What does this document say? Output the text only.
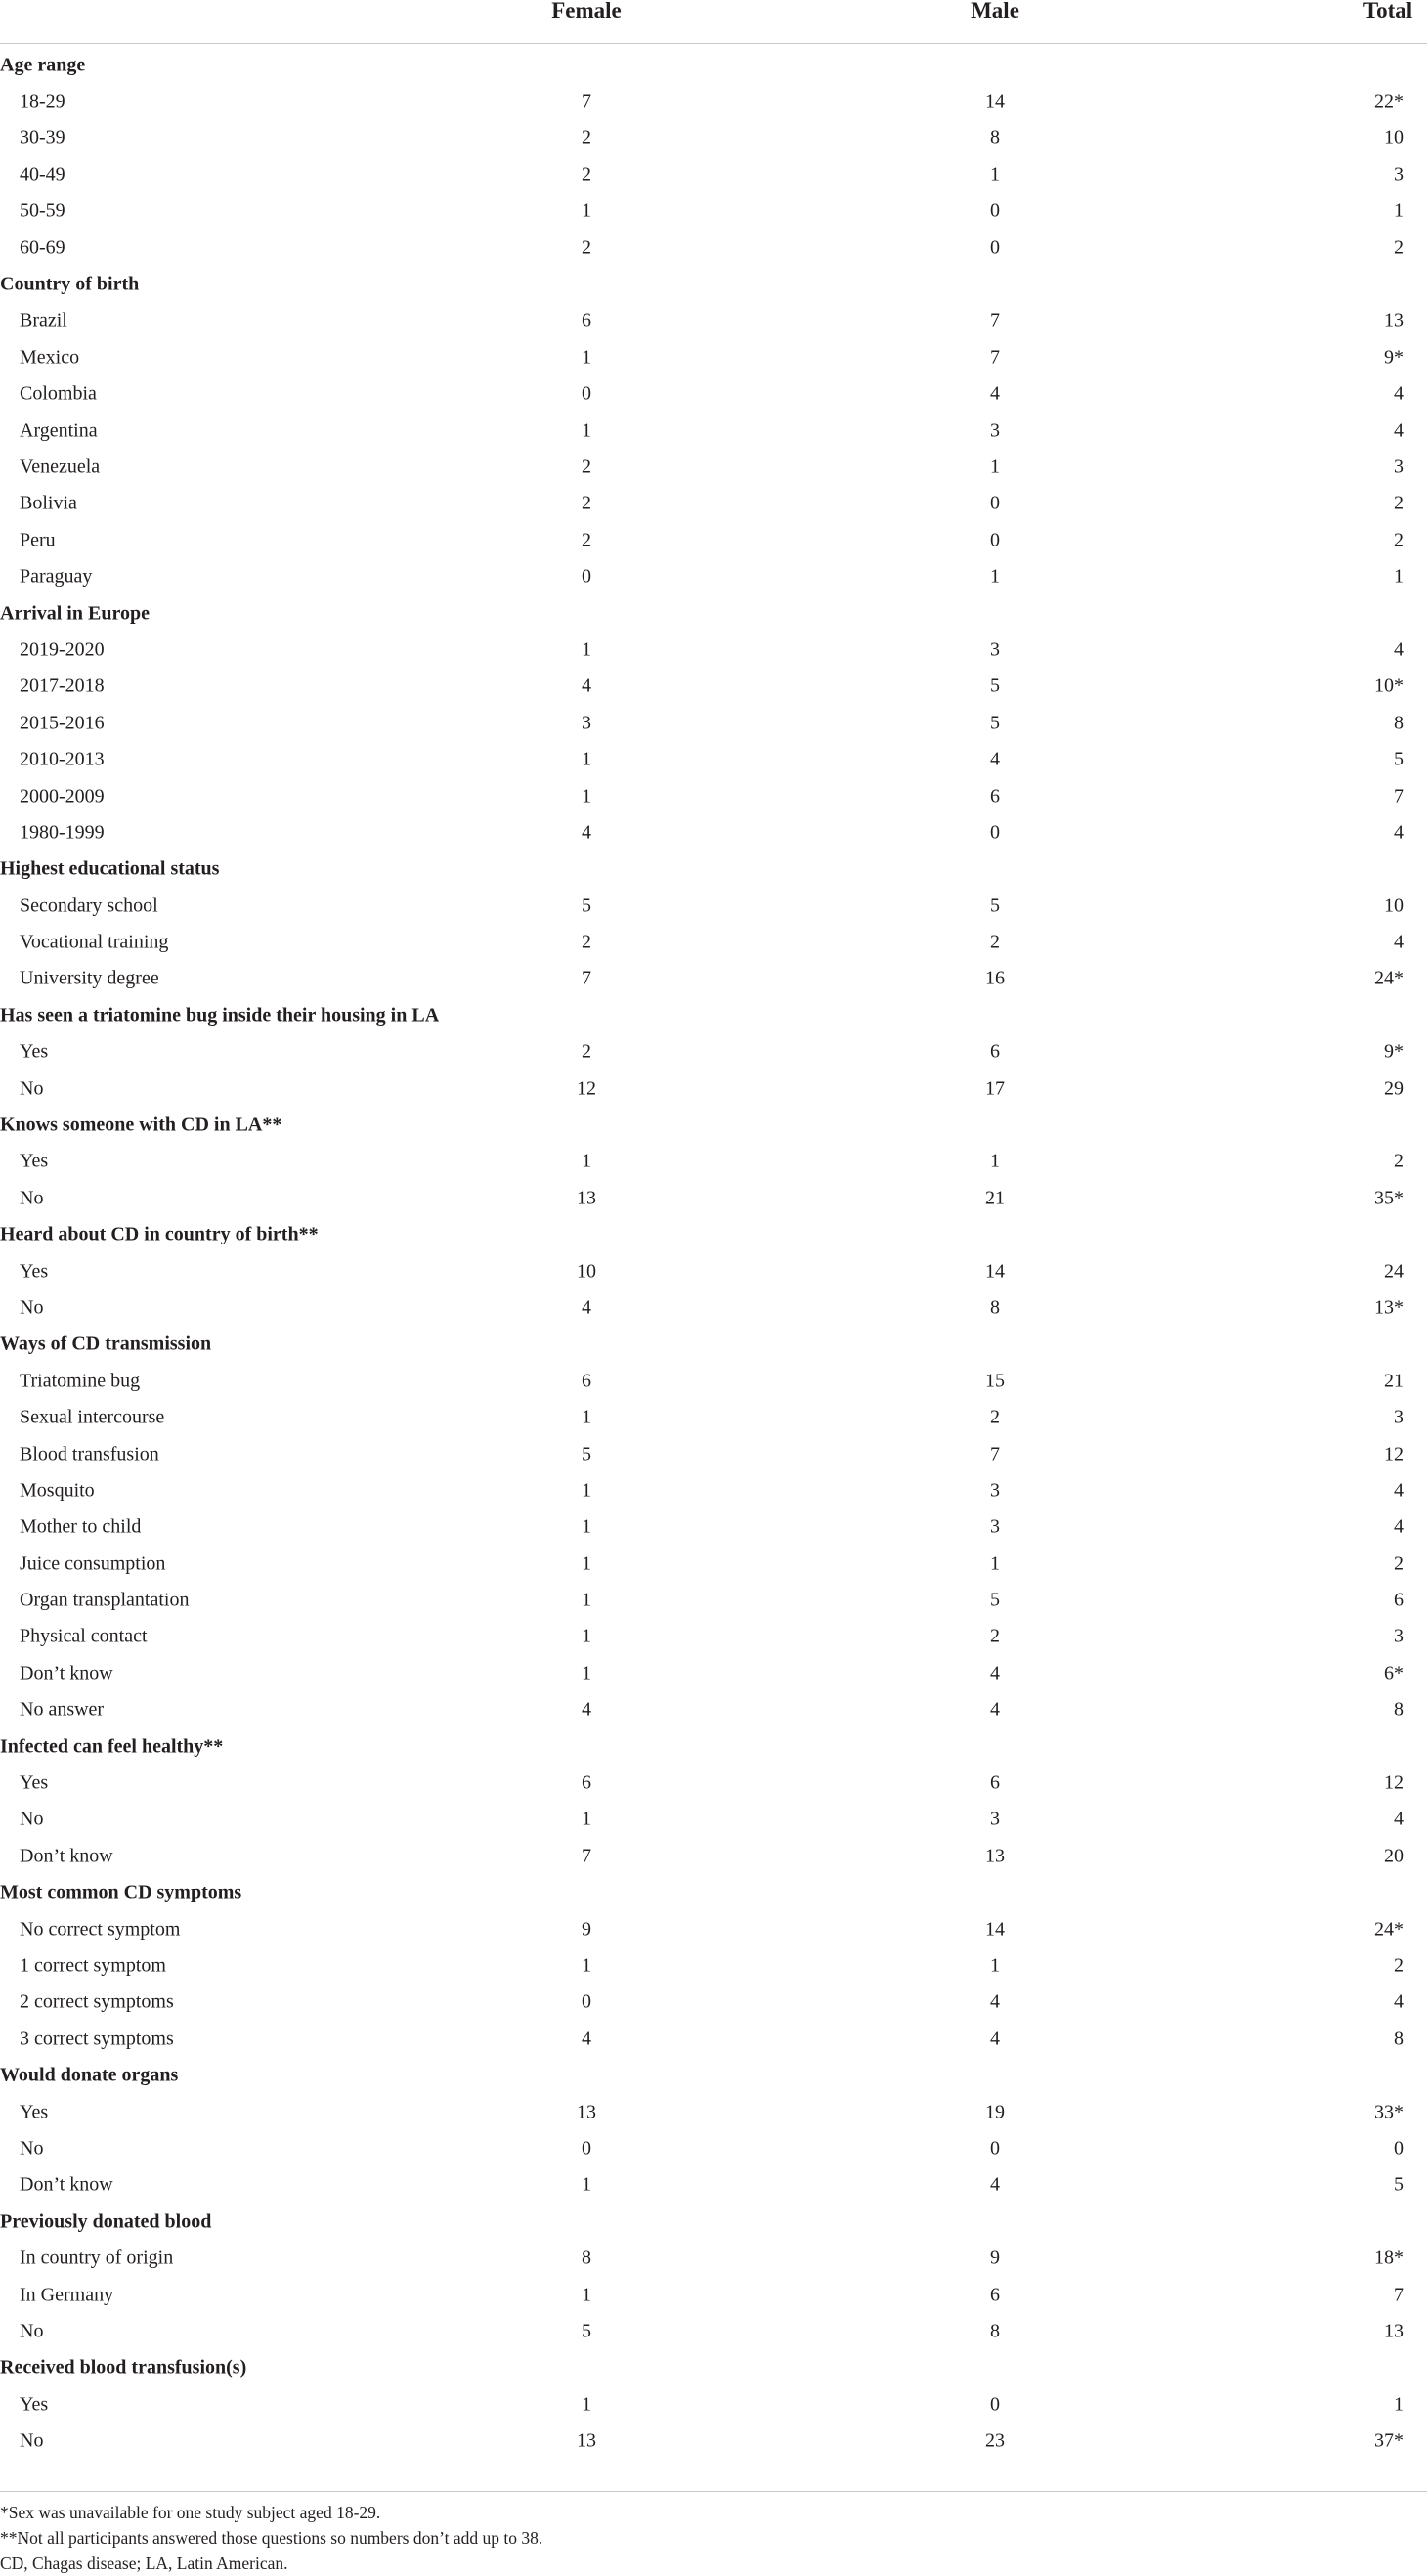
Female	Male	Total
Age range
18-29	7	14	22*
30-39	2	8	10
40-49	2	1	3
50-59	1	0	1
60-69	2	0	2
Country of birth
Brazil	6	7	13
Mexico	1	7	9*
Colombia	0	4	4
Argentina	1	3	4
Venezuela	2	1	3
Bolivia	2	0	2
Peru	2	0	2
Paraguay	0	1	1
Arrival in Europe
2019-2020	1	3	4
2017-2018	4	5	10*
2015-2016	3	5	8
2010-2013	1	4	5
2000-2009	1	6	7
1980-1999	4	0	4
Highest educational status
Secondary school	5	5	10
Vocational training	2	2	4
University degree	7	16	24*
Has seen a triatomine bug inside their housing in LA
Yes	2	6	9*
No	12	17	29
Knows someone with CD in LA**
Yes	1	1	2
No	13	21	35*
Heard about CD in country of birth**
Yes	10	14	24
No	4	8	13*
Ways of CD transmission
Triatomine bug	6	15	21
Sexual intercourse	1	2	3
Blood transfusion	5	7	12
Mosquito	1	3	4
Mother to child	1	3	4
Juice consumption	1	1	2
Organ transplantation	1	5	6
Physical contact	1	2	3
Don’t know	1	4	6*
No answer	4	4	8
Infected can feel healthy**
Yes	6	6	12
No	1	3	4
Don’t know	7	13	20
Most common CD symptoms
No correct symptom	9	14	24*
1 correct symptom	1	1	2
2 correct symptoms	0	4	4
3 correct symptoms	4	4	8
Would donate organs
Yes	13	19	33*
No	0	0	0
Don’t know	1	4	5
Previously donated blood
In country of origin	8	9	18*
In Germany	1	6	7
No	5	8	13
Received blood transfusion(s)
Yes	1	0	1
No	13	23	37*
*Sex was unavailable for one study subject aged 18-29.
**Not all participants answered those questions so numbers don’t add up to 38.
CD, Chagas disease; LA, Latin American.
